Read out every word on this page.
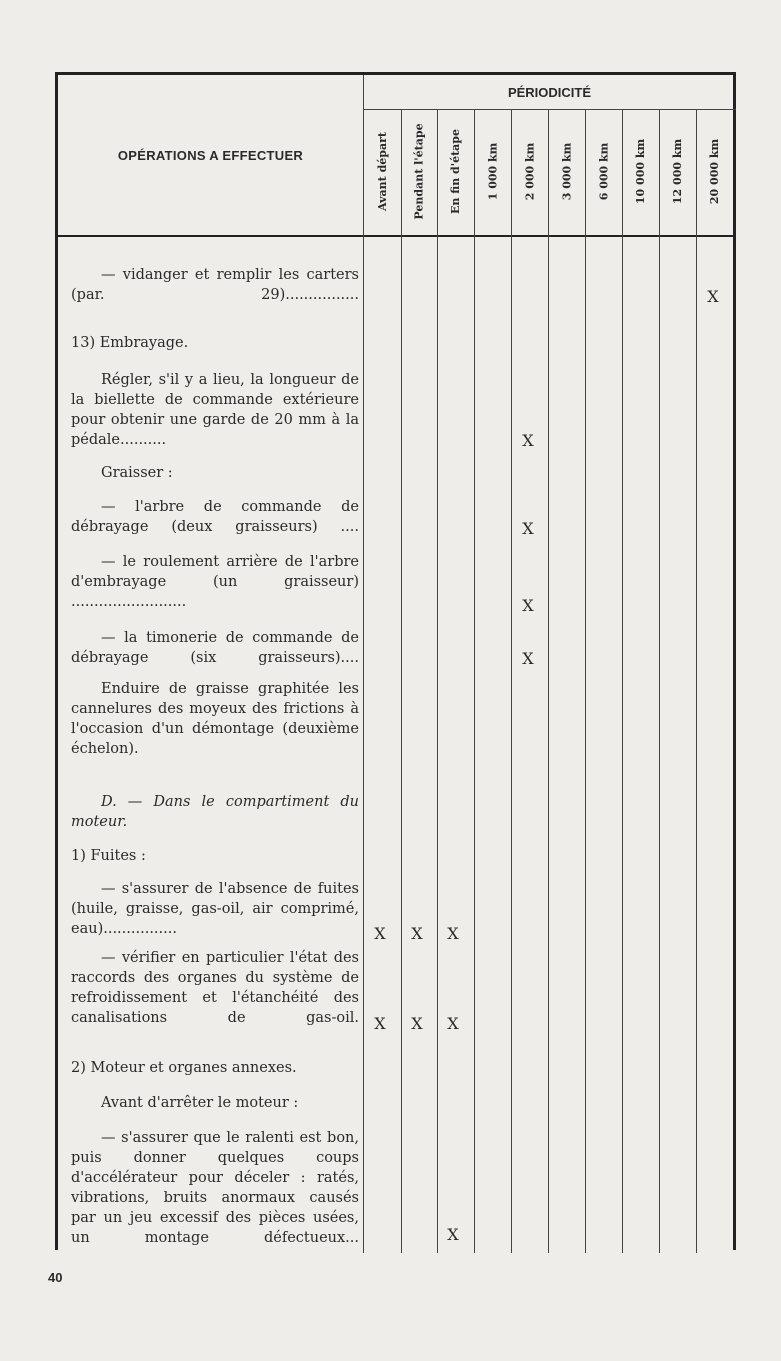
OPÉRATIONS A EFFECTUER
PÉRIODICITÉ
Avant départ Pendant l'étape En fin d'étape 1 000 km 2 000 km 3 000 km 6 000 km 10 000 km 12 000 km 20 000 km
— vidanger et remplir les carters (par. 29)................
13) Embrayage.
Régler, s'il y a lieu, la longueur de la biellette de commande extérieure pour obtenir une garde de 20 mm à la pédale..........
Graisser :
— l'arbre de commande de débrayage (deux graisseurs) ....
— le roulement arrière de l'arbre d'embrayage (un graisseur) .........................
— la timonerie de commande de débrayage (six graisseurs)....
Enduire de graisse graphitée les cannelures des moyeux des frictions à l'occasion d'un démontage (deuxième échelon).
D. — Dans le compartiment du moteur.
1) Fuites :
— s'assurer de l'absence de fuites (huile, graisse, gas-oil, air comprimé, eau)................
— vérifier en particulier l'état des raccords des organes du système de refroidissement et l'étanchéité des canalisations de gas-oil.
2) Moteur et organes annexes.
Avant d'arrêter le moteur :
— s'assurer que le ralenti est bon, puis donner quelques coups d'accélérateur pour déceler : ratés, vibrations, bruits anormaux causés par un jeu excessif des pièces usées, un montage défectueux...
X
X
X
X
X
X X X
X X X
X
40
